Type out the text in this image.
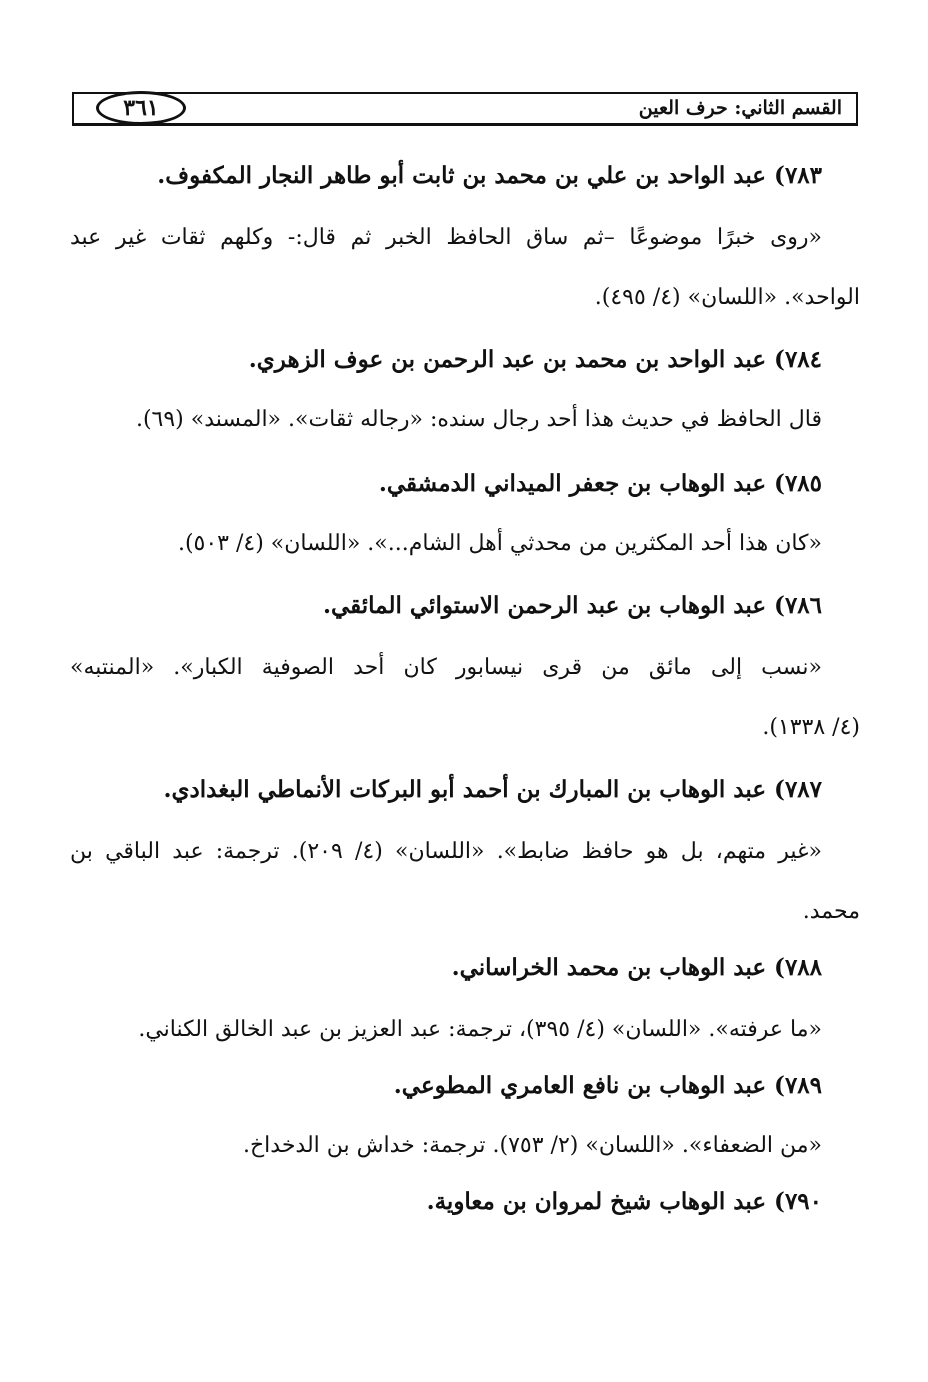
القسم الثاني: حرف العين
٣٦١
٧٨٣) عبد الواحد بن علي بن محمد بن ثابت أبو طاهر النجار المكفوف.
«روى خبرًا موضوعًا –ثم ساق الحافظ الخبر ثم قال:- وكلهم ثقات غير عبد
الواحد». «اللسان» (٤/ ٤٩٥).
٧٨٤) عبد الواحد بن محمد بن عبد الرحمن بن عوف الزهري.
قال الحافظ في حديث هذا أحد رجال سنده: «رجاله ثقات». «المسند» (٦٩).
٧٨٥) عبد الوهاب بن جعفر الميداني الدمشقي.
«كان هذا أحد المكثرين من محدثي أهل الشام...». «اللسان» (٤/ ٥٠٣).
٧٨٦) عبد الوهاب بن عبد الرحمن الاستوائي المائقي.
«نسب إلى مائق من قرى نيسابور كان أحد الصوفية الكبار». «المنتبه»
(٤/ ١٣٣٨).
٧٨٧) عبد الوهاب بن المبارك بن أحمد أبو البركات الأنماطي البغدادي.
«غير متهم، بل هو حافظ ضابط». «اللسان» (٤/ ٢٠٩). ترجمة: عبد الباقي بن
محمد.
٧٨٨) عبد الوهاب بن محمد الخراساني.
«ما عرفته». «اللسان» (٤/ ٣٩٥)، ترجمة: عبد العزيز بن عبد الخالق الكناني.
٧٨٩) عبد الوهاب بن نافع العامري المطوعي.
«من الضعفاء». «اللسان» (٢/ ٧٥٣). ترجمة: خداش بن الدخداخ.
٧٩٠) عبد الوهاب شيخ لمروان بن معاوية.
